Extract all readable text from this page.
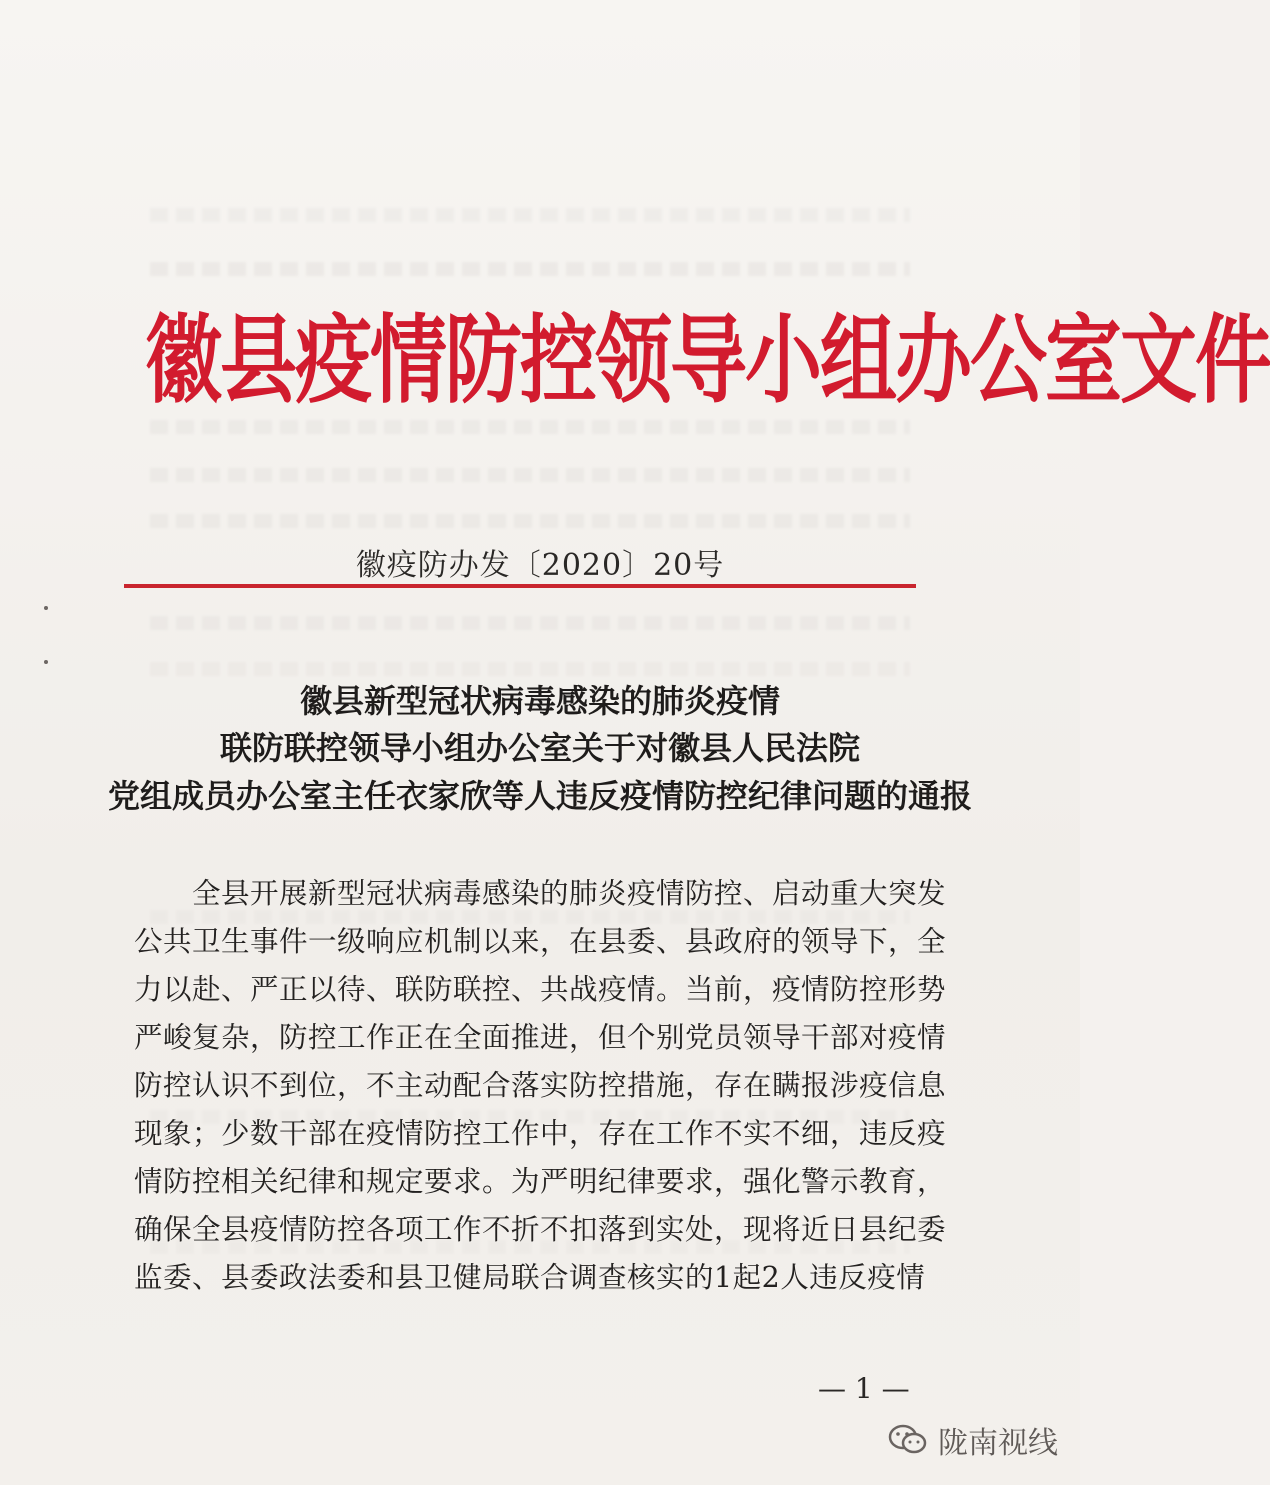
徽县疫情防控领导小组办公室文件
徽疫防办发〔2020〕20号
徽县新型冠状病毒感染的肺炎疫情
联防联控领导小组办公室关于对徽县人民法院
党组成员办公室主任衣家欣等人违反疫情防控纪律问题的通报
　　全县开展新型冠状病毒感染的肺炎疫情防控、启动重大突发
公共卫生事件一级响应机制以来，在县委、县政府的领导下，全
力以赴、严正以待、联防联控、共战疫情。当前，疫情防控形势
严峻复杂，防控工作正在全面推进，但个别党员领导干部对疫情
防控认识不到位，不主动配合落实防控措施，存在瞒报涉疫信息
现象；少数干部在疫情防控工作中，存在工作不实不细，违反疫
情防控相关纪律和规定要求。为严明纪律要求，强化警示教育，
确保全县疫情防控各项工作不折不扣落到实处，现将近日县纪委
监委、县委政法委和县卫健局联合调查核实的1起2人违反疫情
— 1 —
陇南视线
